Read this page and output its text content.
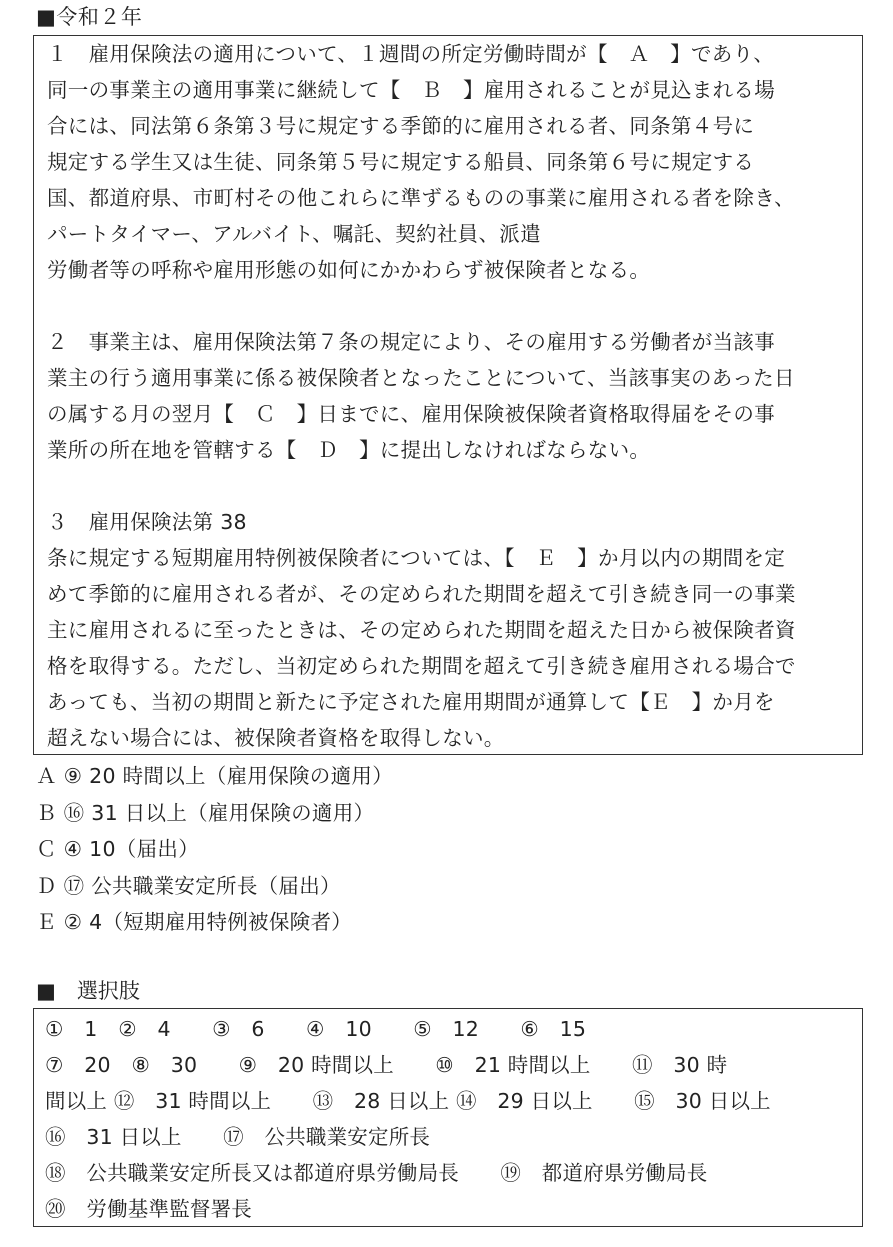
■令和２年
１　雇用保険法の適用について、１週間の所定労働時間が【　Ａ　】であり、
同一の事業主の適用事業に継続して【　Ｂ　】雇用されることが見込まれる場
合には、同法第６条第３号に規定する季節的に雇用される者、同条第４号に
規定する学生又は生徒、同条第５号に規定する船員、同条第６号に規定する
国、都道府県、市町村その他これらに準ずるものの事業に雇用される者を除き、
パートタイマー、アルバイト、嘱託、契約社員、派遣
労働者等の呼称や雇用形態の如何にかかわらず被保険者となる。
２　事業主は、雇用保険法第７条の規定により、その雇用する労働者が当該事
業主の行う適用事業に係る被保険者となったことについて、当該事実のあった日
の属する月の翌月【　Ｃ　】日までに、雇用保険被保険者資格取得届をその事
業所の所在地を管轄する【　Ｄ　】に提出しなければならない。
３　雇用保険法第 38
条に規定する短期雇用特例被保険者については、【　Ｅ　】か月以内の期間を定
めて季節的に雇用される者が、その定められた期間を超えて引き続き同一の事業
主に雇用されるに至ったときは、その定められた期間を超えた日から被保険者資
格を取得する。ただし、当初定められた期間を超えて引き続き雇用される場合で
あっても、当初の期間と新たに予定された雇用期間が通算して【Ｅ　】か月を
超えない場合には、被保険者資格を取得しない。
Ａ ⑨ 20 時間以上（雇用保険の適用）
Ｂ ⑯ 31 日以上（雇用保険の適用）
Ｃ ④ 10（届出）
Ｄ ⑰ 公共職業安定所長（届出）
Ｅ ② 4（短期雇用特例被保険者）
■　選択肢
①　1　②　4　　③　6　　④　10　　⑤　12　　⑥　15
⑦　20　⑧　30　　⑨　20 時間以上　　⑩　21 時間以上　　⑪　30 時
間以上 ⑫　31 時間以上　　⑬　28 日以上 ⑭　29 日以上　　⑮　30 日以上
⑯　31 日以上　　⑰　公共職業安定所長
⑱　公共職業安定所長又は都道府県労働局長　　⑲　都道府県労働局長
⑳　労働基準監督署長
